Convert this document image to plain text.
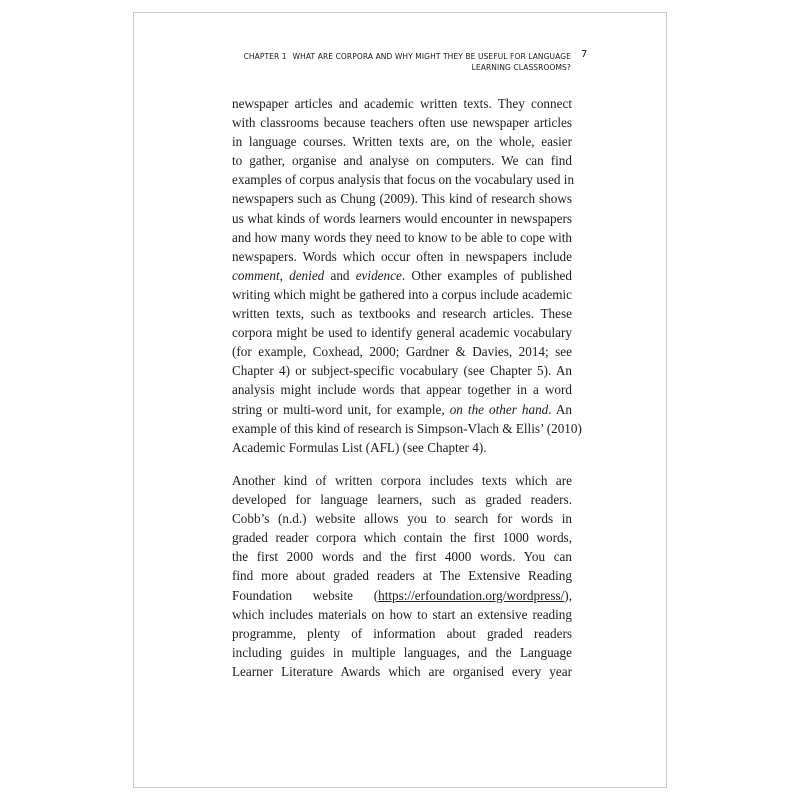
CHAPTER 1 WHAT ARE CORPORA AND WHY MIGHT THEY BE USEFUL FOR LANGUAGE
LEARNING CLASSROOMS?
7
newspaper articles and academic written texts. They connect
with classrooms because teachers often use newspaper articles
in language courses. Written texts are, on the whole, easier
to gather, organise and analyse on computers. We can find
examples of corpus analysis that focus on the vocabulary used in
newspapers such as Chung (2009). This kind of research shows
us what kinds of words learners would encounter in newspapers
and how many words they need to know to be able to cope with
newspapers. Words which occur often in newspapers include
comment, denied and evidence. Other examples of published
writing which might be gathered into a corpus include academic
written texts, such as textbooks and research articles. These
corpora might be used to identify general academic vocabulary
(for example, Coxhead, 2000; Gardner & Davies, 2014; see
Chapter 4) or subject-specific vocabulary (see Chapter 5). An
analysis might include words that appear together in a word
string or multi-word unit, for example, on the other hand. An
example of this kind of research is Simpson-Vlach & Ellis’ (2010)
Academic Formulas List (AFL) (see Chapter 4).
Another kind of written corpora includes texts which are
developed for language learners, such as graded readers.
Cobb’s (n.d.) website allows you to search for words in
graded reader corpora which contain the first 1000 words,
the first 2000 words and the first 4000 words. You can
find more about graded readers at The Extensive Reading
Foundation website (https://erfoundation.org/wordpress/),
which includes materials on how to start an extensive reading
programme, plenty of information about graded readers
including guides in multiple languages, and the Language
Learner Literature Awards which are organised every year
